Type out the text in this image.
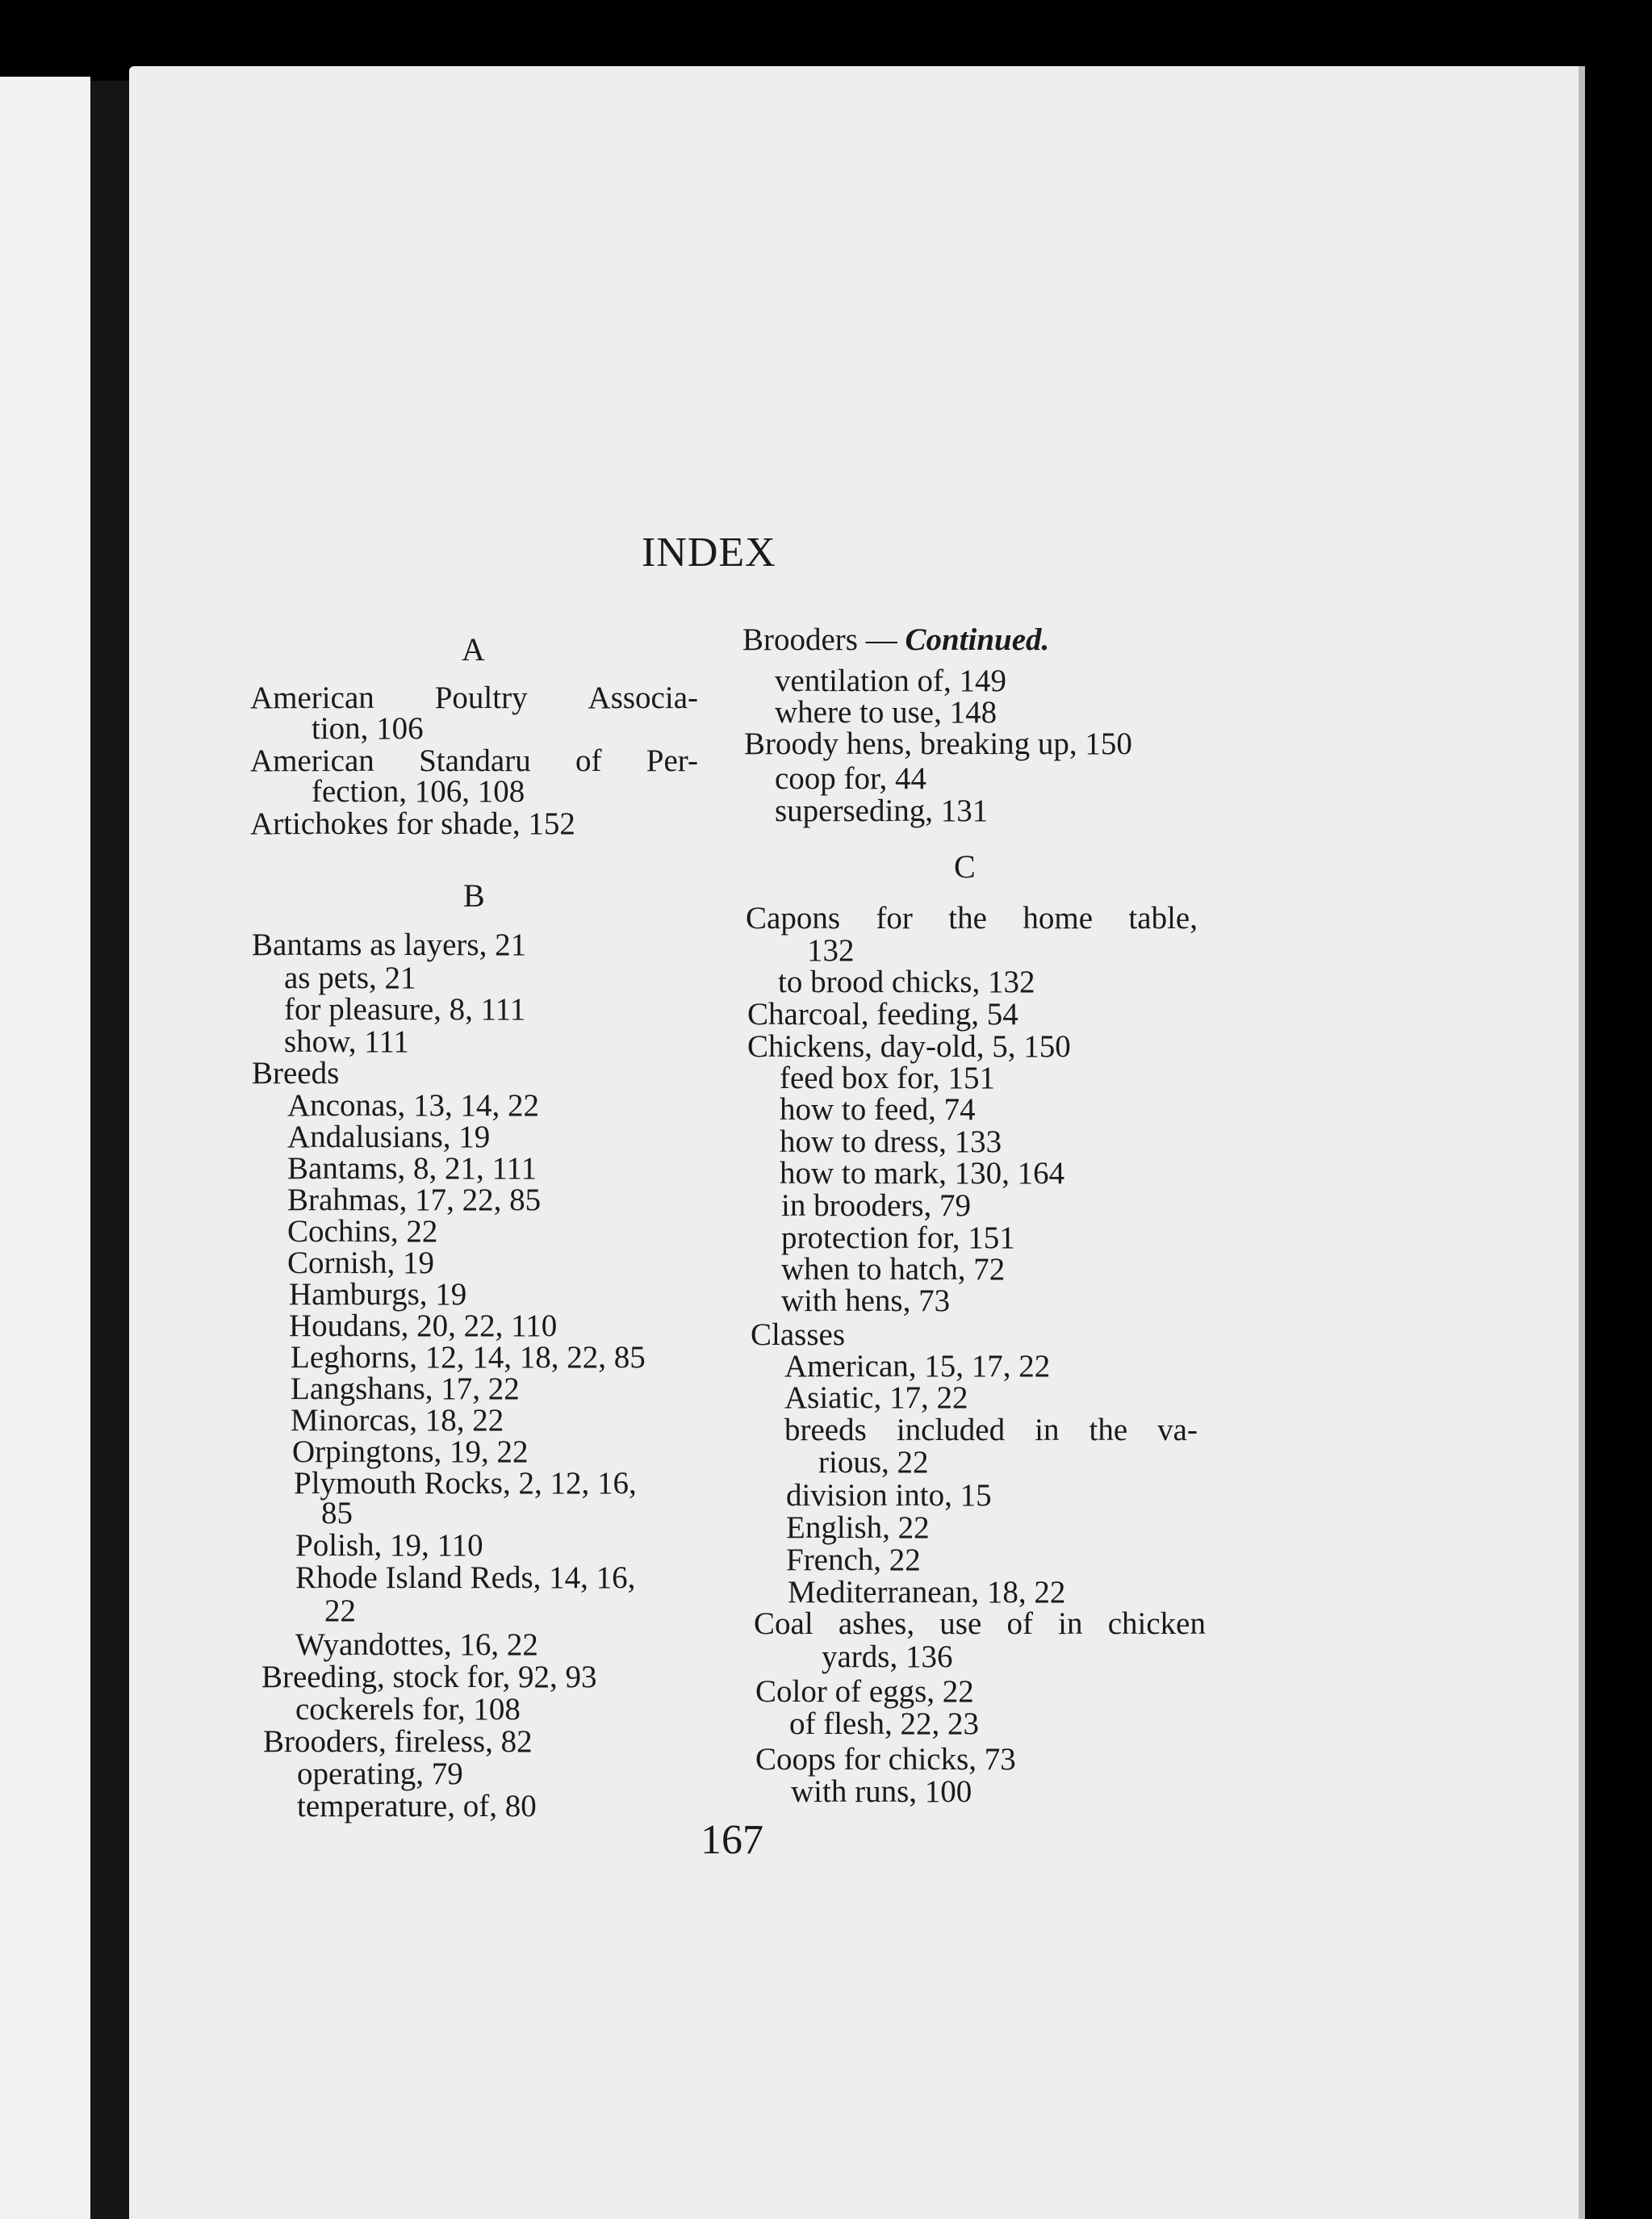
INDEX
A
American Poultry Associa-
tion, 106
American Standaru of Per-
fection, 106, 108
Artichokes for shade, 152
B
Bantams as layers, 21
as pets, 21
for pleasure, 8, 111
show, 111
Breeds
Anconas, 13, 14, 22
Andalusians, 19
Bantams, 8, 21, 111
Brahmas, 17, 22, 85
Cochins, 22
Cornish, 19
Hamburgs, 19
Houdans, 20, 22, 110
Leghorns, 12, 14, 18, 22, 85
Langshans, 17, 22
Minorcas, 18, 22
Orpingtons, 19, 22
Plymouth Rocks, 2, 12, 16,
85
Polish, 19, 110
Rhode Island Reds, 14, 16,
22
Wyandottes, 16, 22
Breeding, stock for, 92, 93
cockerels for, 108
Brooders, fireless, 82
operating, 79
temperature, of, 80
Brooders — Continued.
ventilation of, 149
where to use, 148
Broody hens, breaking up, 150
coop for, 44
superseding, 131
C
Capons for the home table,
132
to brood chicks, 132
Charcoal, feeding, 54
Chickens, day-old, 5, 150
feed box for, 151
how to feed, 74
how to dress, 133
how to mark, 130, 164
in brooders, 79
protection for, 151
when to hatch, 72
with hens, 73
Classes
American, 15, 17, 22
Asiatic, 17, 22
breeds included in the va-
rious, 22
division into, 15
English, 22
French, 22
Mediterranean, 18, 22
Coal ashes, use of in chicken
yards, 136
Color of eggs, 22
of flesh, 22, 23
Coops for chicks, 73
with runs, 100
167
